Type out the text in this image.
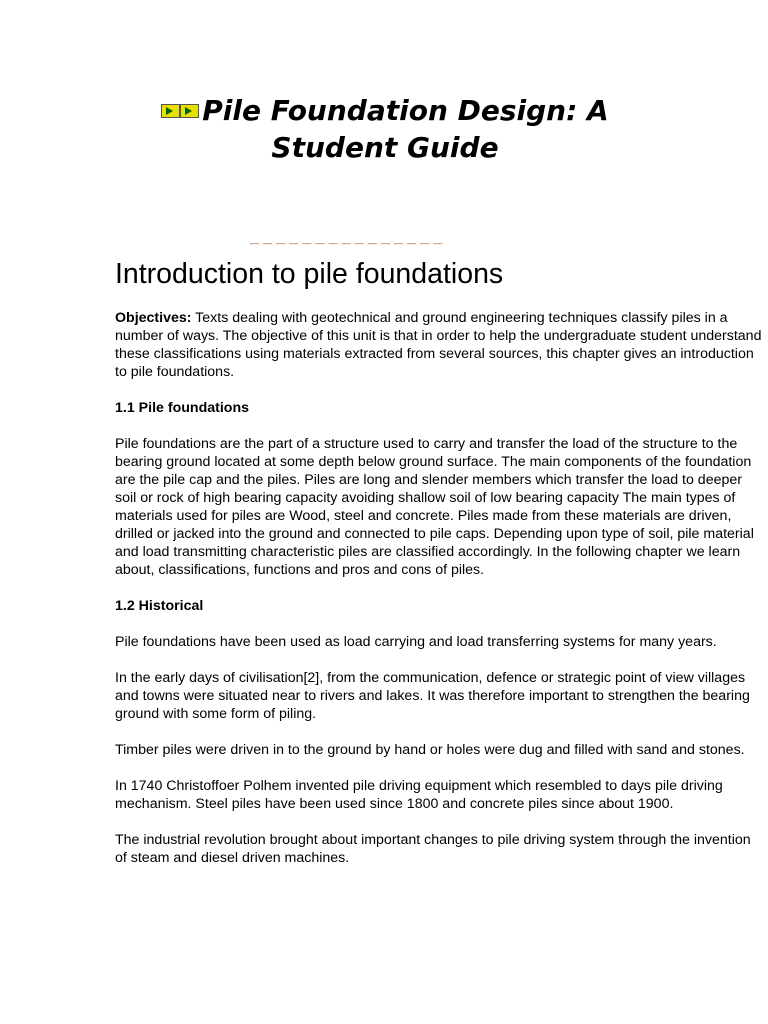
Pile Foundation Design: A Student Guide
_______________
Introduction to pile foundations

Objectives: Texts dealing with geotechnical and ground engineering techniques classify piles in a number of ways. The objective of this unit is that in order to help the undergraduate student understand these classifications using materials extracted from several sources, this chapter gives an introduction to pile foundations.

1.1 Pile foundations

Pile foundations are the part of a structure used to carry and transfer the load of the structure to the bearing ground located at some depth below ground surface. The main components of the foundation are the pile cap and the piles. Piles are long and slender members which transfer the load to deeper soil or rock of high bearing capacity avoiding shallow soil of low bearing capacity The main types of materials used for piles are Wood, steel and concrete. Piles made from these materials are driven, drilled or jacked into the ground and connected to pile caps. Depending upon type of soil, pile material and load transmitting characteristic piles are classified accordingly. In the following chapter we learn about, classifications, functions and pros and cons of piles.

1.2 Historical

Pile foundations have been used as load carrying and load transferring systems for many years.

In the early days of civilisation[2], from the communication, defence or strategic point of view villages and towns were situated near to rivers and lakes. It was therefore important to strengthen the bearing ground with some form of piling.

Timber piles were driven in to the ground by hand or holes were dug and filled with sand and stones.

In 1740 Christoffoer Polhem invented pile driving equipment which resembled to days pile driving mechanism. Steel piles have been used since 1800 and concrete piles since about 1900.

The industrial revolution brought about important changes to pile driving system through the invention of steam and diesel driven machines.
